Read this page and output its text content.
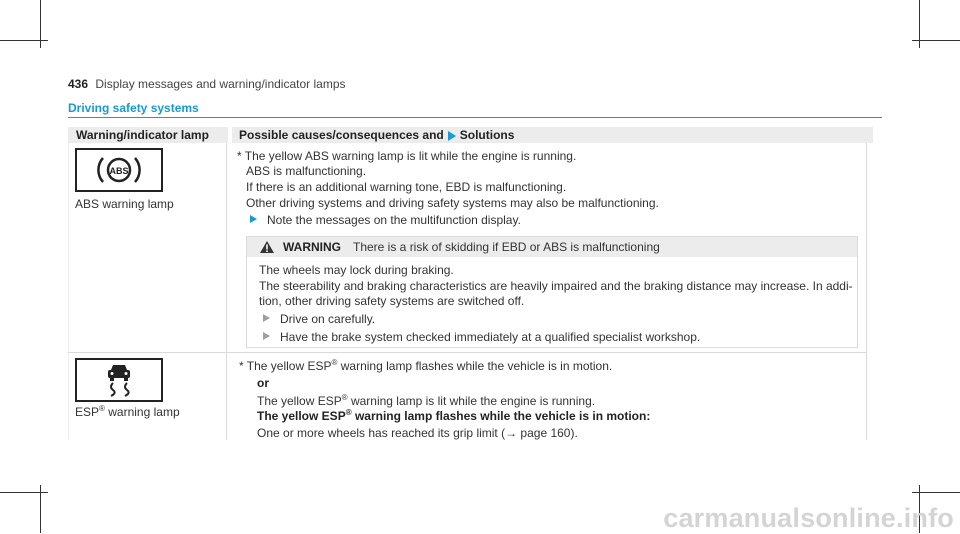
436 Display messages and warning/indicator lamps
Driving safety systems
Warning/indicator lamp	Possible causes/consequences and Solutions
ABS
ABS warning lamp
* The yellow ABS warning lamp is lit while the engine is running.
ABS is malfunctioning.
If there is an additional warning tone, EBD is malfunctioning.
Other driving systems and driving safety systems may also be malfunctioning.
Note the messages on the multifunction display.
WARNING There is a risk of skidding if EBD or ABS is malfunctioning
The wheels may lock during braking.
The steerability and braking characteristics are heavily impaired and the braking distance may increase. In addi-
tion, other driving safety systems are switched off.
Drive on carefully.
Have the brake system checked immediately at a qualified specialist workshop.
ESP® warning lamp
* The yellow ESP® warning lamp flashes while the vehicle is in motion.
or
The yellow ESP® warning lamp is lit while the engine is running.
The yellow ESP® warning lamp flashes while the vehicle is in motion:
One or more wheels has reached its grip limit (→ page 160).
carmanualsonline.info
